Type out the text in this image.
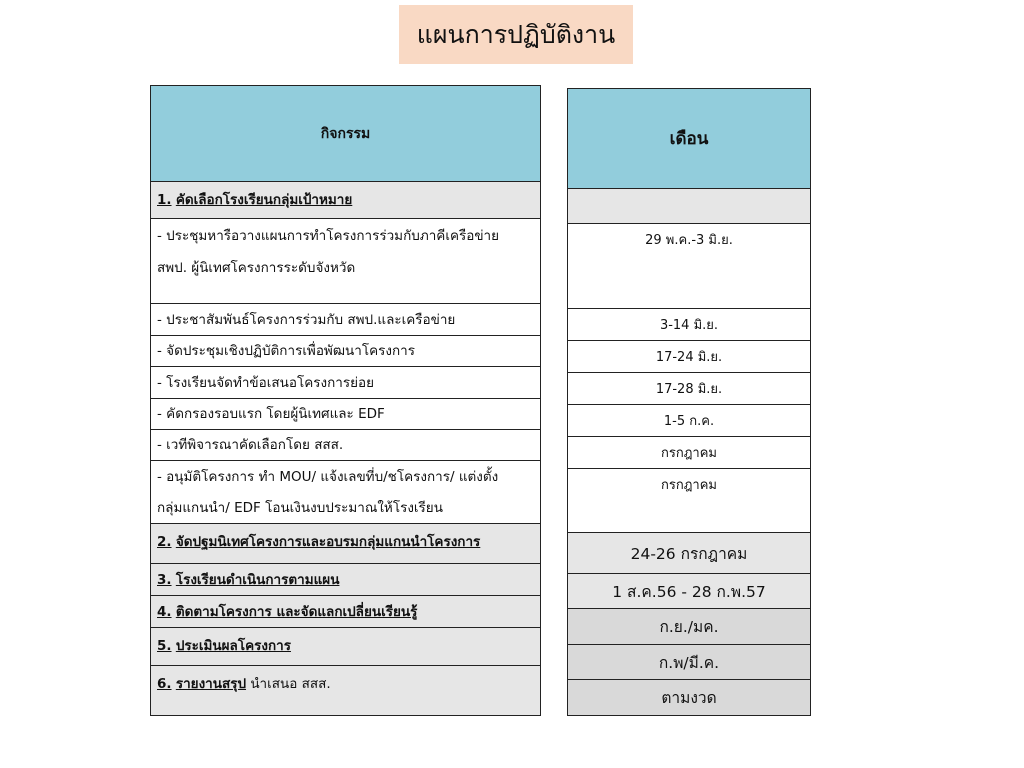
แผนการปฏิบัติงาน
กิจกรรม
1. คัดเลือกโรงเรียนกลุ่มเป้าหมาย
- ประชุมหารือวางแผนการทำโครงการร่วมกับภาคีเครือข่าย
สพป. ผู้นิเทศโครงการระดับจังหวัด
- ประชาสัมพันธ์โครงการร่วมกับ สพป.และเครือข่าย
- จัดประชุมเชิงปฏิบัติการเพื่อพัฒนาโครงการ
- โรงเรียนจัดทำข้อเสนอโครงการย่อย
- คัดกรองรอบแรก โดยผู้นิเทศและ EDF
- เวทีพิจารณาคัดเลือกโดย สสส.
- อนุมัติโครงการ ทำ MOU/ แจ้งเลขที่บ/ชโครงการ/ แต่งตั้ง
กลุ่มแกนนำ/ EDF โอนเงินงบประมาณให้โรงเรียน
2. จัดปฐมนิเทศโครงการและอบรมกลุ่มแกนนำโครงการ
3. โรงเรียนดำเนินการตามแผน
4. ติดตามโครงการ และจัดแลกเปลี่ยนเรียนรู้
5. ประเมินผลโครงการ
6. รายงานสรุป นำเสนอ สสส.
เดือน
29 พ.ค.-3 มิ.ย.
3-14 มิ.ย.
17-24 มิ.ย.
17-28 มิ.ย.
1-5 ก.ค.
กรกฎาคม
กรกฎาคม
24-26 กรกฎาคม
1 ส.ค.56 - 28 ก.พ.57
ก.ย./มค.
ก.พ/มี.ค.
ตามงวด
